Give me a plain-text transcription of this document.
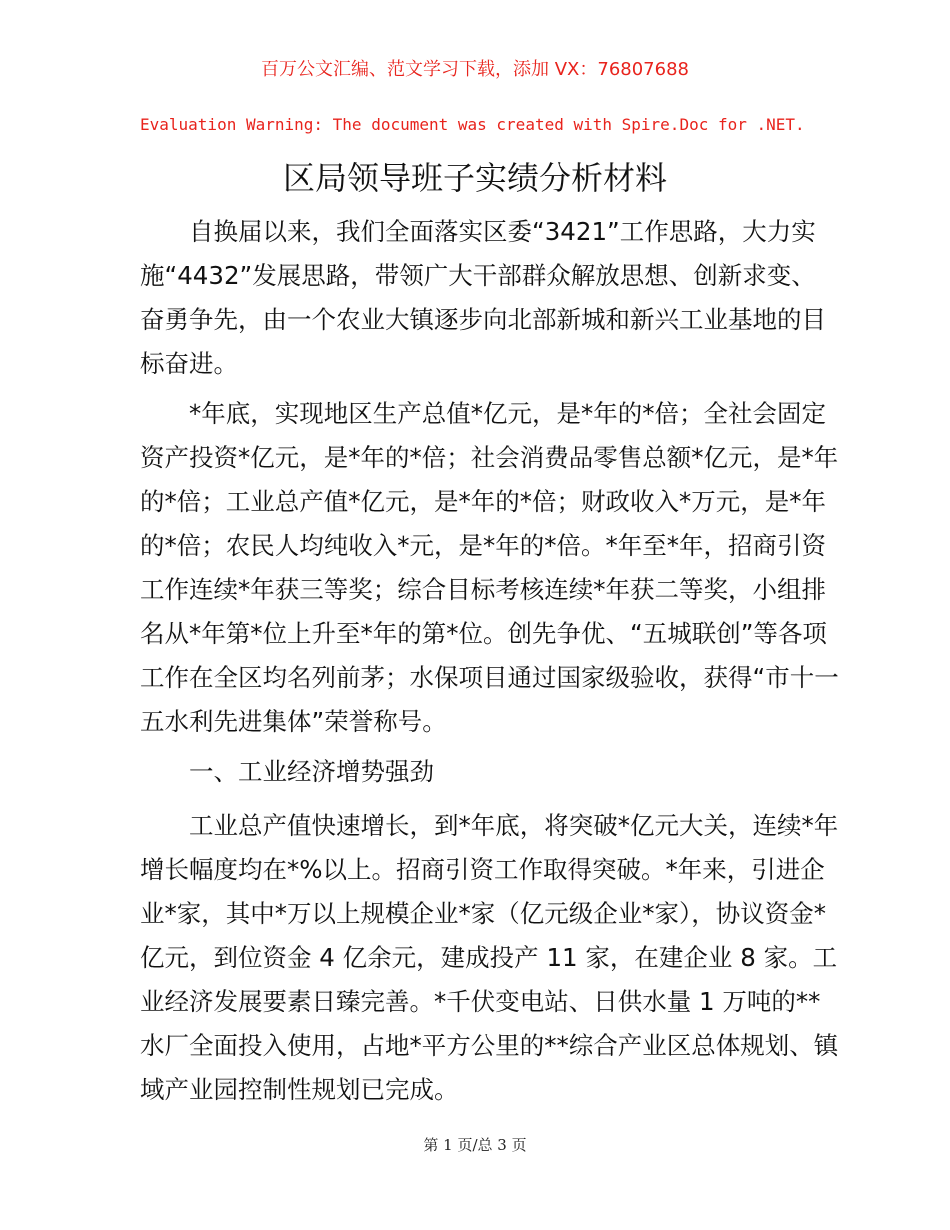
百万公文汇编、范文学习下载，添加 VX：76807688
Evaluation Warning: The document was created with Spire.Doc for .NET.
区局领导班子实绩分析材料

自换届以来，我们全面落实区委“3421”工作思路，大力实施“4432”发展思路，带领广大干部群众解放思想、创新求变、奋勇争先，由一个农业大镇逐步向北部新城和新兴工业基地的目标奋进。

*年底，实现地区生产总值*亿元，是*年的*倍；全社会固定资产投资*亿元，是*年的*倍；社会消费品零售总额*亿元，是*年的*倍；工业总产值*亿元，是*年的*倍；财政收入*万元，是*年的*倍；农民人均纯收入*元，是*年的*倍。*年至*年，招商引资工作连续*年获三等奖；综合目标考核连续*年获二等奖，小组排名从*年第*位上升至*年的第*位。创先争优、“五城联创”等各项工作在全区均名列前茅；水保项目通过国家级验收，获得“市十一五水利先进集体”荣誉称号。

一、工业经济增势强劲

工业总产值快速增长，到*年底，将突破*亿元大关，连续*年增长幅度均在*%以上。招商引资工作取得突破。*年来，引进企业*家，其中*万以上规模企业*家（亿元级企业*家），协议资金*亿元，到位资金 4 亿余元，建成投产 11 家，在建企业 8 家。工业经济发展要素日臻完善。*千伏变电站、日供水量 1 万吨的**水厂全面投入使用，占地*平方公里的**综合产业区总体规划、镇域产业园控制性规划已完成。

第 1 页/总 3 页
